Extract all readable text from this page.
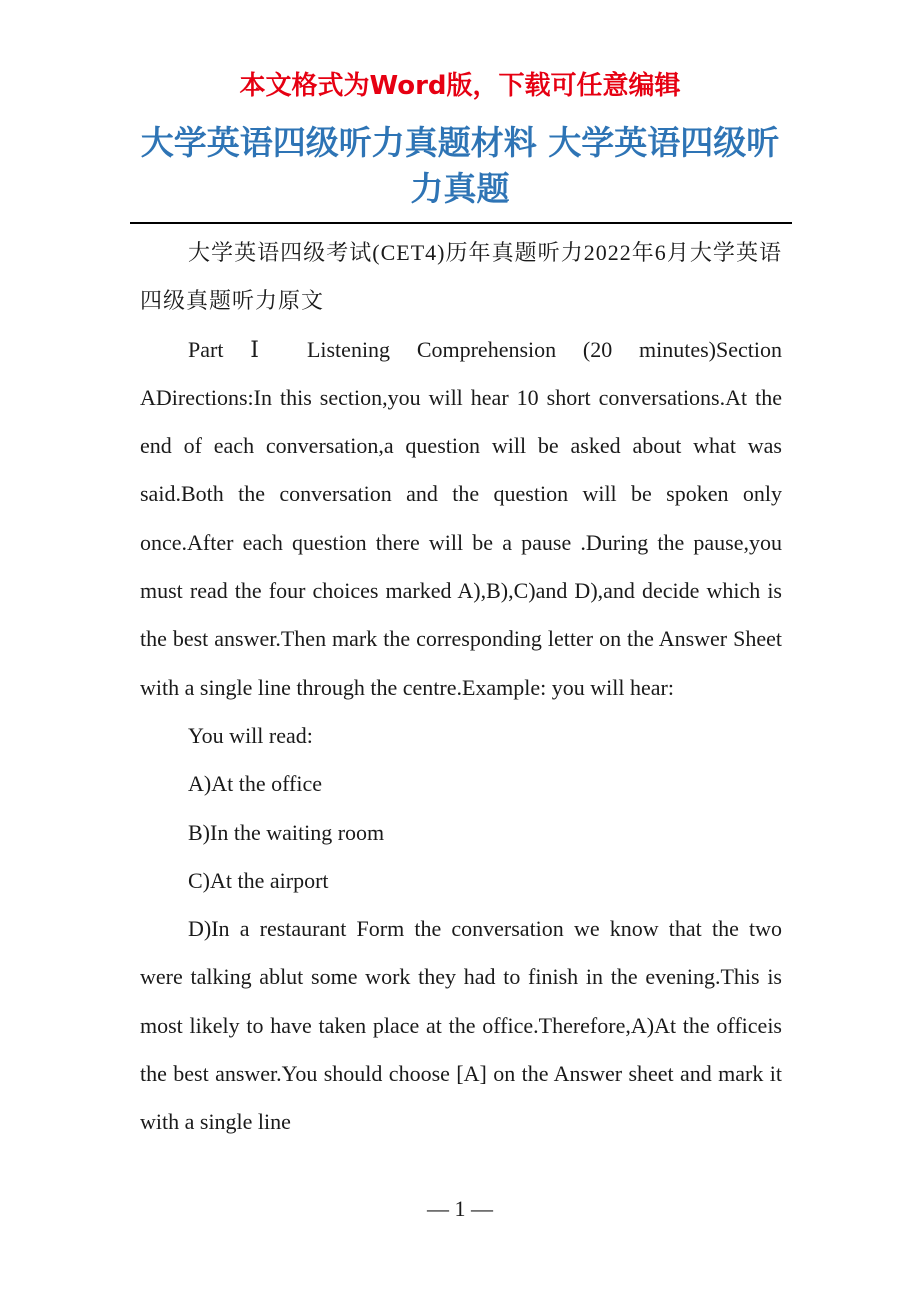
本文格式为Word版，下载可任意编辑
大学英语四级听力真题材料 大学英语四级听力真题

大学英语四级考试(CET4)历年真题听力2022年6月大学英语四级真题听力原文

Part Ⅰ Listening Comprehension (20 minutes)Section ADirections:In this section,you will hear 10 short conversations.At the end of each conversation,a question will be asked about what was said.Both the conversation and the question will be spoken only once.After each question there will be a pause .During the pause,you must read the four choices marked A),B),C)and D),and decide which is the best answer.Then mark the corresponding letter on the Answer Sheet with a single line through the centre.Example: you will hear:

You will read:

A)At the office

B)In the waiting room

C)At the airport

D)In a restaurant Form the conversation we know that the two were talking ablut some work they had to finish in the evening.This is most likely to have taken place at the office.Therefore,A)At the officeis the best answer.You should choose [A] on the Answer sheet and mark it with a single line

— 1 —
